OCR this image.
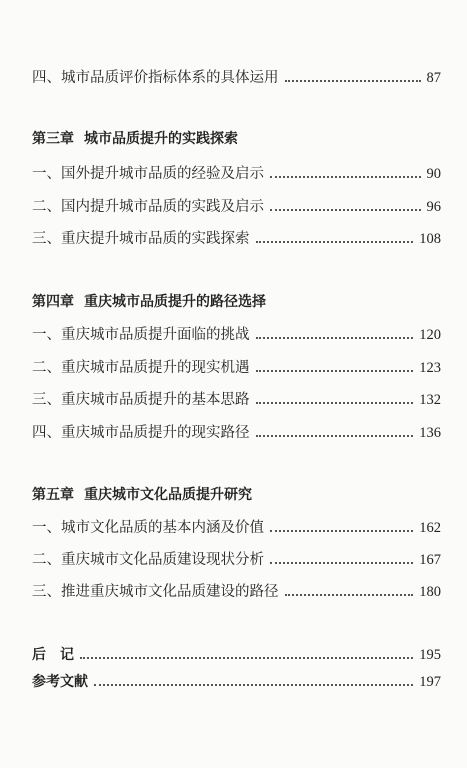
四、城市品质评价指标体系的具体运用	87
第三章 城市品质提升的实践探索
一、国外提升城市品质的经验及启示	90
二、国内提升城市品质的实践及启示	96
三、重庆提升城市品质的实践探索	108
第四章 重庆城市品质提升的路径选择
一、重庆城市品质提升面临的挑战	120
二、重庆城市品质提升的现实机遇	123
三、重庆城市品质提升的基本思路	132
四、重庆城市品质提升的现实路径	136
第五章 重庆城市文化品质提升研究
一、城市文化品质的基本内涵及价值	162
二、重庆城市文化品质建设现状分析	167
三、推进重庆城市文化品质建设的路径	180
后　记	195
参考文献	197
